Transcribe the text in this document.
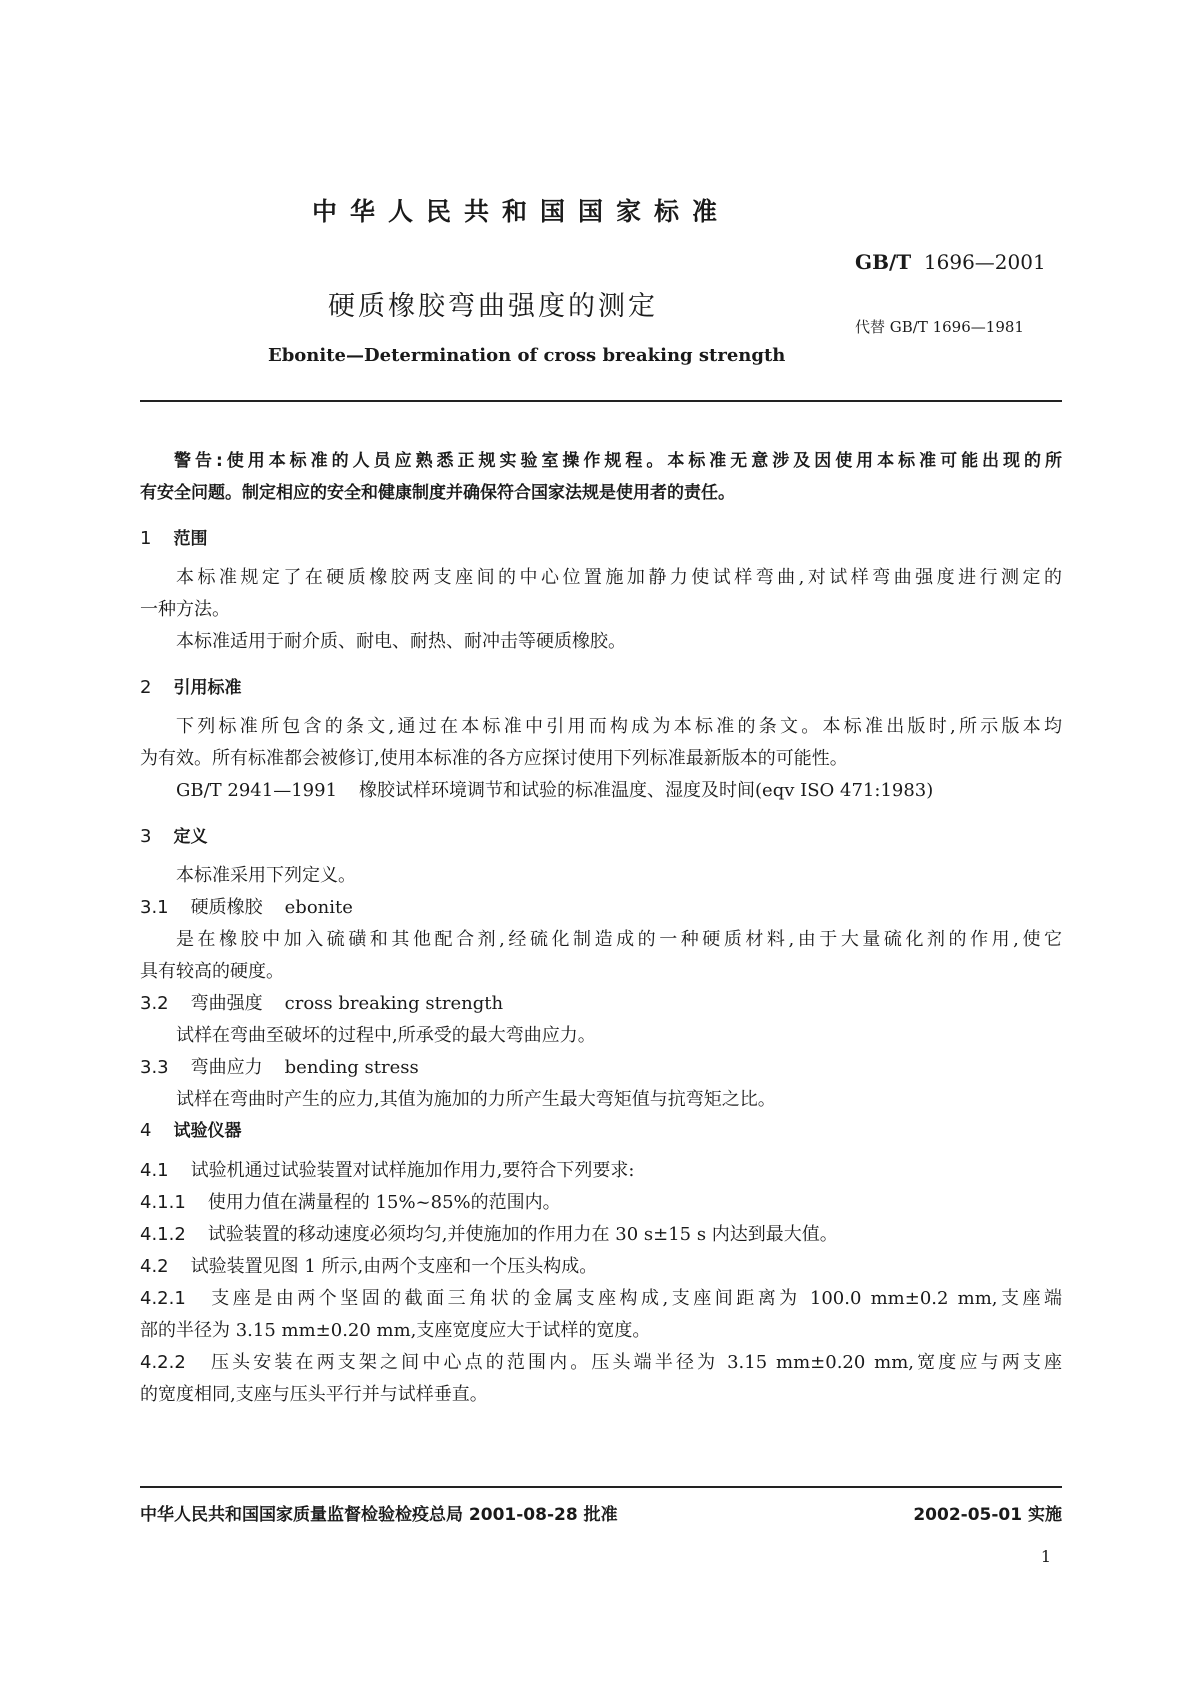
中华人民共和国国家标准
GB/T 1696—2001
硬质橡胶弯曲强度的测定
代替 GB/T 1696—1981
Ebonite—Determination of cross breaking strength
警告:使用本标准的人员应熟悉正规实验室操作规程。本标准无意涉及因使用本标准可能出现的所
有安全问题。制定相应的安全和健康制度并确保符合国家法规是使用者的责任。
1 范围
本标准规定了在硬质橡胶两支座间的中心位置施加静力使试样弯曲,对试样弯曲强度进行测定的
一种方法。
本标准适用于耐介质、耐电、耐热、耐冲击等硬质橡胶。
2 引用标准
下列标准所包含的条文,通过在本标准中引用而构成为本标准的条文。本标准出版时,所示版本均
为有效。所有标准都会被修订,使用本标准的各方应探讨使用下列标准最新版本的可能性。
GB/T 2941—1991 橡胶试样环境调节和试验的标准温度、湿度及时间(eqv ISO 471:1983)
3 定义
本标准采用下列定义。
3.1 硬质橡胶 ebonite
是在橡胶中加入硫磺和其他配合剂,经硫化制造成的一种硬质材料,由于大量硫化剂的作用,使它
具有较高的硬度。
3.2 弯曲强度 cross breaking strength
试样在弯曲至破坏的过程中,所承受的最大弯曲应力。
3.3 弯曲应力 bending stress
试样在弯曲时产生的应力,其值为施加的力所产生最大弯矩值与抗弯矩之比。
4 试验仪器
4.1 试验机通过试验装置对试样施加作用力,要符合下列要求:
4.1.1 使用力值在满量程的 15%~85%的范围内。
4.1.2 试验装置的移动速度必须均匀,并使施加的作用力在 30 s±15 s 内达到最大值。
4.2 试验装置见图 1 所示,由两个支座和一个压头构成。
4.2.1 支座是由两个坚固的截面三角状的金属支座构成,支座间距离为 100.0 mm±0.2 mm,支座端
部的半径为 3.15 mm±0.20 mm,支座宽度应大于试样的宽度。
4.2.2 压头安装在两支架之间中心点的范围内。压头端半径为 3.15 mm±0.20 mm,宽度应与两支座
的宽度相同,支座与压头平行并与试样垂直。
中华人民共和国国家质量监督检验检疫总局 2001-08-28 批准	2002-05-01 实施
1
